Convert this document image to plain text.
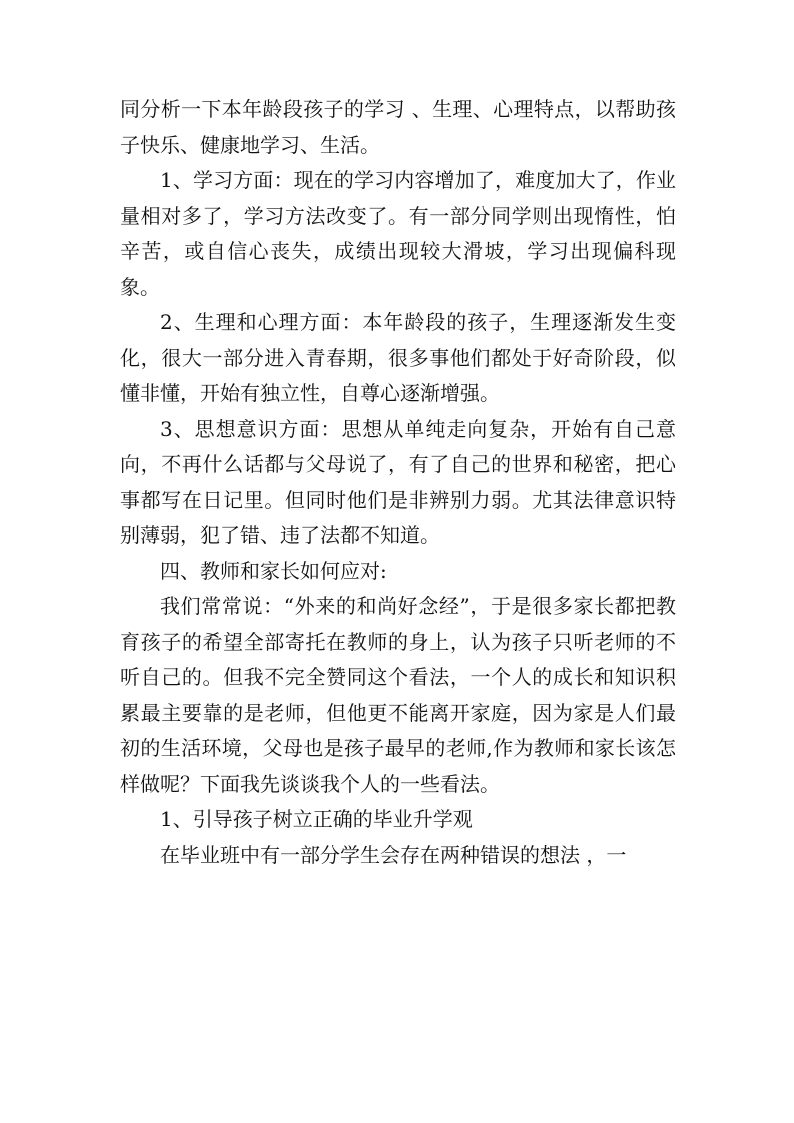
同分析一下本年龄段孩子的学习 、生理、心理特点，以帮助孩子快乐、健康地学习、生活。

1、学习方面：现在的学习内容增加了，难度加大了，作业量相对多了，学习方法改变了。有一部分同学则出现惰性，怕辛苦，或自信心丧失，成绩出现较大滑坡，学习出现偏科现象。

2、生理和心理方面：本年龄段的孩子，生理逐渐发生变化，很大一部分进入青春期，很多事他们都处于好奇阶段，似懂非懂，开始有独立性，自尊心逐渐增强。

3、思想意识方面：思想从单纯走向复杂，开始有自己意向，不再什么话都与父母说了，有了自己的世界和秘密，把心事都写在日记里。但同时他们是非辨别力弱。尤其法律意识特别薄弱，犯了错、违了法都不知道。

四、教师和家长如何应对:

我们常常说：“外来的和尚好念经”，于是很多家长都把教育孩子的希望全部寄托在教师的身上，认为孩子只听老师的不听自己的。但我不完全赞同这个看法，一个人的成长和知识积累最主要靠的是老师，但他更不能离开家庭，因为家是人们最初的生活环境，父母也是孩子最早的老师,作为教师和家长该怎样做呢？下面我先谈谈我个人的一些看法。

1、引导孩子树立正确的毕业升学观

在毕业班中有一部分学生会存在两种错误的想法 ，一
